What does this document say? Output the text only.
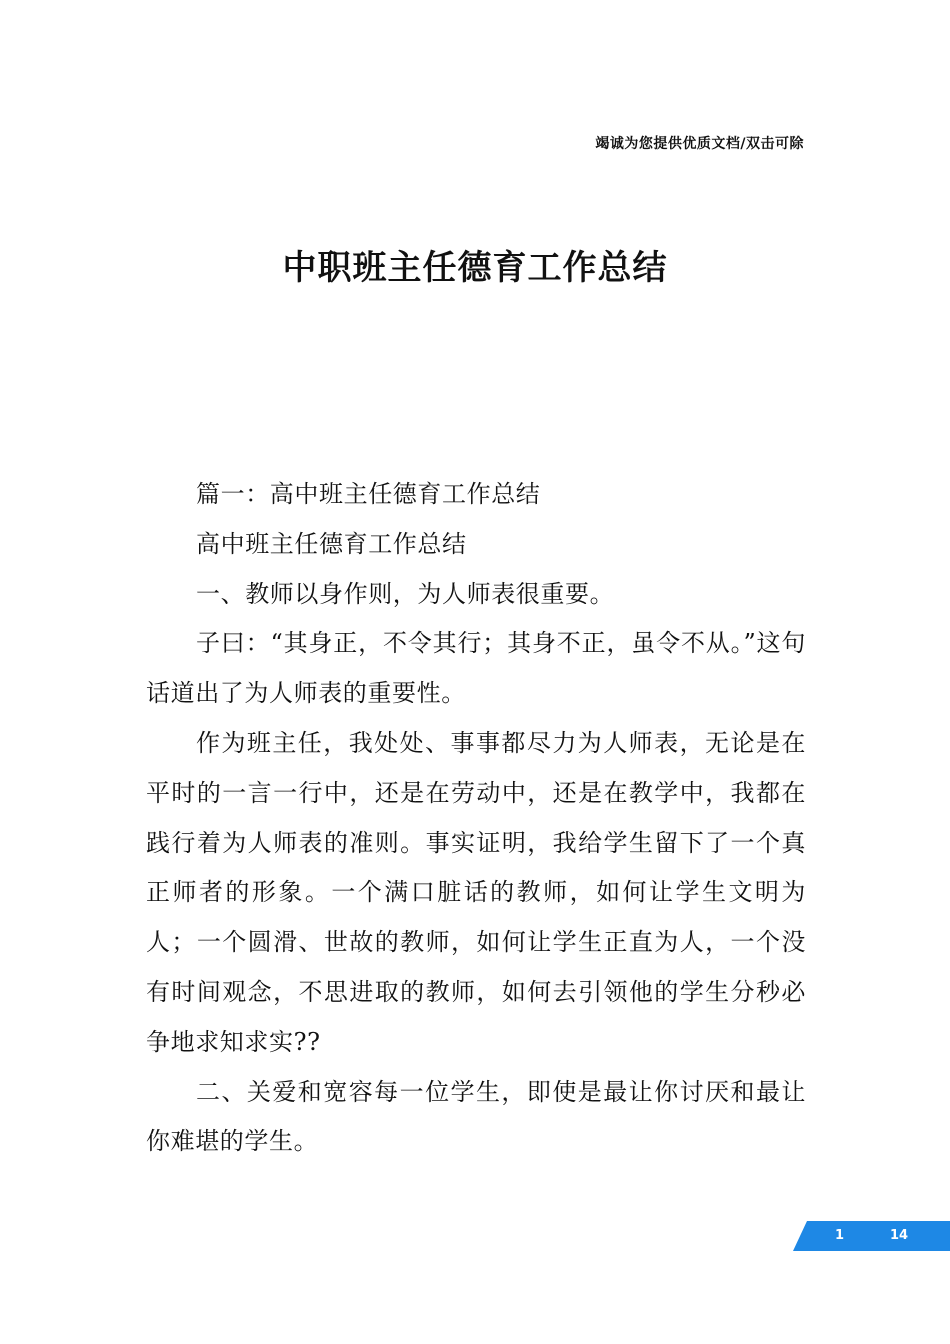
竭诚为您提供优质文档/双击可除
中职班主任德育工作总结

篇一：高中班主任德育工作总结

高中班主任德育工作总结

一、教师以身作则，为人师表很重要。

子曰：“其身正，不令其行；其身不正，虽令不从。”这句话道出了为人师表的重要性。

作为班主任，我处处、事事都尽力为人师表，无论是在平时的一言一行中，还是在劳动中，还是在教学中，我都在践行着为人师表的准则。事实证明，我给学生留下了一个真正师者的形象。一个满口脏话的教师，如何让学生文明为人；一个圆滑、世故的教师，如何让学生正直为人，一个没有时间观念，不思进取的教师，如何去引领他的学生分秒必争地求知求实??

二、关爱和宽容每一位学生，即使是最让你讨厌和最让你难堪的学生。

1	14
